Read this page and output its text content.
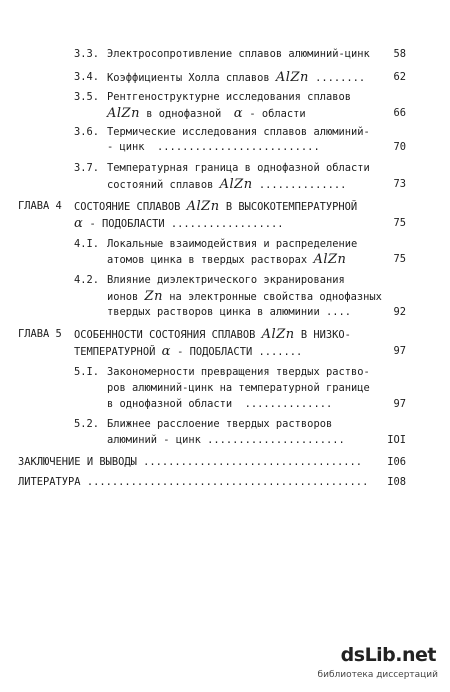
3.3. Электросопротивление сплавов алюминий-цинк	58
3.4. Коэффициенты Холла сплавов AlZn ........	62
3.5. Рентгеноструктурне исследования сплавов
AlZn в однофазной  α - области	66
3.6. Термические исследования сплавов алюминий-
- цинк  ..........................	70
3.7. Температурная граница в однофазной области
состояний сплавов AlZn ..............	73
ГЛАВА 4 СОСТОЯНИЕ СПЛАВОВ AlZn В ВЫСОКОТЕМПЕРАТУРНОЙ
α - ПОДОБЛАСТИ ..................	75
4.I. Локальные взаимодействия и распределение
атомов цинка в твердых растворах AlZn	75
4.2. Влияние диэлектрического экранирования
ионов Zn на электронные свойства однофазных
твердых растворов цинка в алюминии ....	92
ГЛАВА 5 ОСОБЕННОСТИ СОСТОЯНИЯ СПЛАВОВ AlZn В НИЗКО-
ТЕМПЕРАТУРНОЙ α - ПОДОБЛАСТИ .......	97
5.I. Закономерности превращения твердых раство-
ров алюминий-цинк на температурной границе
в однофазной области  ..............	97
5.2. Ближнее расслоение твердых растворов
алюминий - цинк ......................	IOI
ЗАКЛЮЧЕНИЕ И ВЫВОДЫ ...................................	I06
ЛИТЕРАТУРА .............................................	I08
dsLib.net
библиотека диссертаций
